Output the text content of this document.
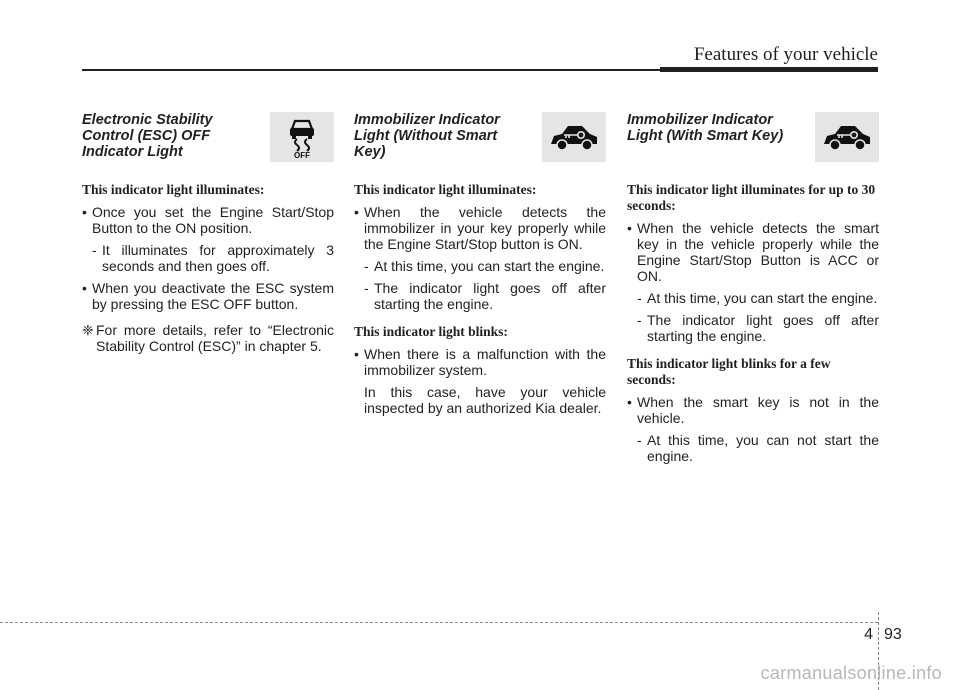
Features of your vehicle
Electronic Stability Control (ESC) OFF Indicator Light	OFF
This indicator light illuminates:
• Once you set the Engine Start/Stop Button to the ON position.
- It illuminates for approximately 3 seconds and then goes off.
• When you deactivate the ESC system by pressing the ESC OFF button.
❈ For more details, refer to “Electronic Stability Control (ESC)” in chapter 5.
Immobilizer Indicator Light (Without Smart Key)
This indicator light illuminates:
• When the vehicle detects the immobilizer in your key properly while the Engine Start/Stop button is ON.
- At this time, you can start the engine.
- The indicator light goes off after starting the engine.
This indicator light blinks:
• When there is a malfunction with the immobilizer system.
In this case, have your vehicle inspected by an authorized Kia dealer.
Immobilizer Indicator Light (With Smart Key)
This indicator light illuminates for up to 30 seconds:
• When the vehicle detects the smart key in the vehicle properly while the Engine Start/Stop Button is ACC or ON.
- At this time, you can start the engine.
- The indicator light goes off after starting the engine.
This indicator light blinks for a few seconds:
• When the smart key is not in the vehicle.
- At this time, you can not start the engine.
4 93
carmanualsonline.info
